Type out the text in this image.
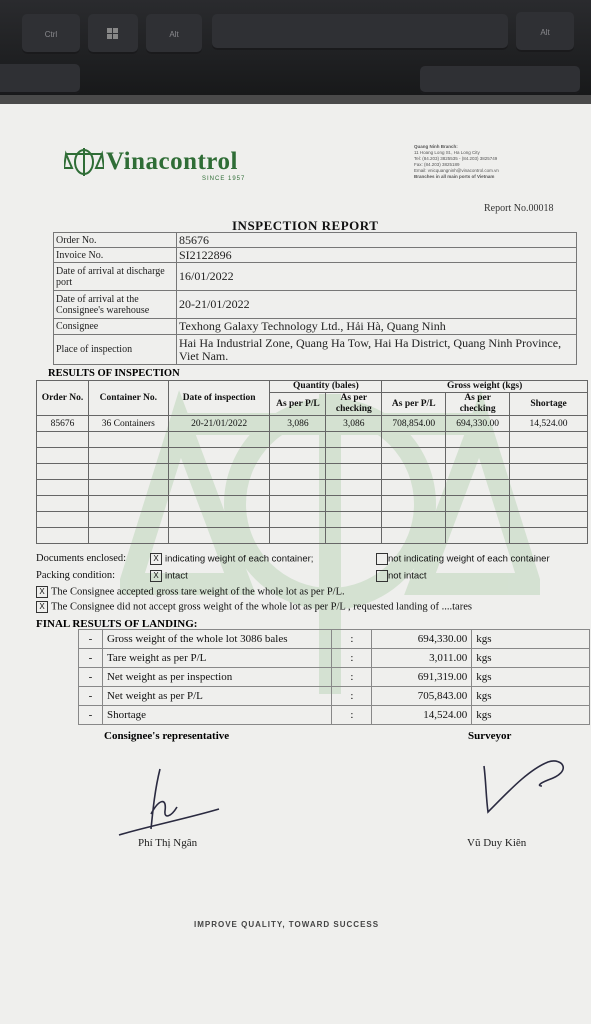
Ctrl	Alt	Alt
Vinacontrol
SINCE 1957
Quang Ninh Branch:
11 Hoang Long St., Ha Long City
Tel: (84.203) 3825535 - (84.203) 3825749
Fax: (84.203) 3825189
Email: vnicquangninh@vinacontrol.com.vn
Branches in all main ports of Vietnam
Report No.00018
INSPECTION REPORT
Order No.	85676
Invoice No.	SI2122896
Date of arrival at discharge port	16/01/2022
Date of arrival at the Consignee's warehouse	20-21/01/2022
Consignee	Texhong Galaxy Technology Ltd., Hải Hà, Quang Ninh
Place of inspection	Hai Ha Industrial Zone, Quang Ha Tow, Hai Ha District, Quang Ninh Province, Viet Nam.
RESULTS OF INSPECTION
Order No.	Container No.	Date of inspection	Quantity (bales)		Gross weight (kgs)		
			As per P/L	As per checking	As per P/L	As per checking	Shortage
85676	36 Containers	20-21/01/2022	3,086	3,086	708,854.00	694,330.00	14,524.00

Documents enclosed:	X indicating weight of each container;	not indicating weight of each container
Packing condition:	X intact	not intact
X The Consignee accepted gross tare weight of the whole lot as per P/L.
X The Consignee did not accept gross weight of the whole lot as per P/L , requested landing of ....tares
FINAL RESULTS OF LANDING:
-	Gross weight of the whole lot 3086 bales	:	694,330.00	kgs
-	Tare weight as per P/L	:	3,011.00	kgs
-	Net weight as per inspection	:	691,319.00	kgs
-	Net weight as per P/L	:	705,843.00	kgs
-	Shortage	:	14,524.00	kgs
Consignee's representative	Surveyor
Phí Thị Ngân	Vũ Duy Kiên
IMPROVE QUALITY, TOWARD SUCCESS
